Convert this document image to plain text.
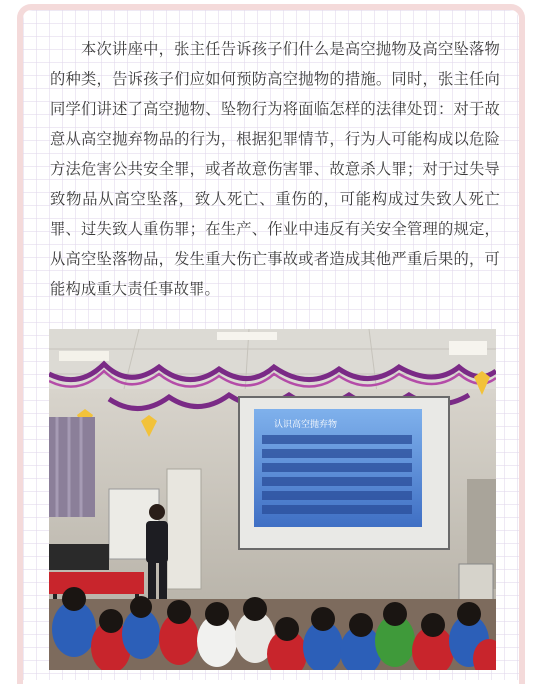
本次讲座中，张主任告诉孩子们什么是高空抛物及高空坠落物的种类，告诉孩子们应如何预防高空抛物的措施。同时，张主任向同学们讲述了高空抛物、坠物行为将面临怎样的法律处罚：对于故意从高空抛弃物品的行为，根据犯罪情节，行为人可能构成以危险方法危害公共安全罪，或者故意伤害罪、故意杀人罪；对于过失导致物品从高空坠落，致人死亡、重伤的，可能构成过失致人死亡罪、过失致人重伤罪；在生产、作业中违反有关安全管理的规定，从高空坠落物品，发生重大伤亡事故或者造成其他严重后果的，可能构成重大责任事故罪。

认识高空抛弃物
